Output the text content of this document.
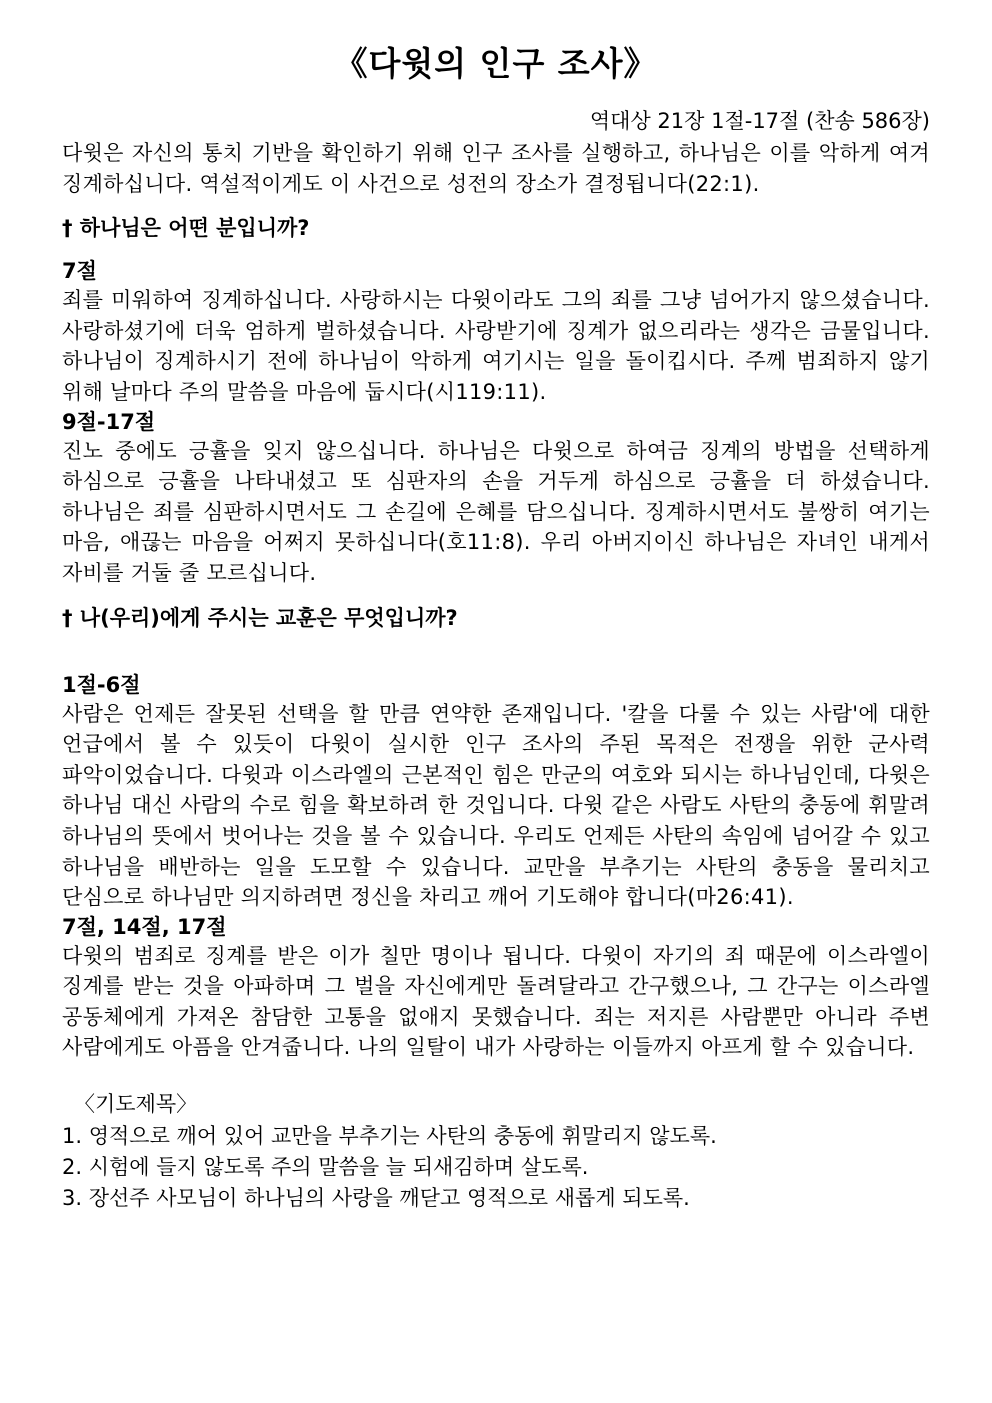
《다윗의 인구 조사》
역대상 21장 1절-17절 (찬송 586장)

다윗은 자신의 통치 기반을 확인하기 위해 인구 조사를 실행하고, 하나님은 이를 악하게 여겨 징계하십니다. 역설적이게도 이 사건으로 성전의 장소가 결정됩니다(22:1).

† 하나님은 어떤 분입니까?
7절

죄를 미워하여 징계하십니다. 사랑하시는 다윗이라도 그의 죄를 그냥 넘어가지 않으셨습니다. 사랑하셨기에 더욱 엄하게 벌하셨습니다. 사랑받기에 징계가 없으리라는 생각은 금물입니다. 하나님이 징계하시기 전에 하나님이 악하게 여기시는 일을 돌이킵시다. 주께 범죄하지 않기 위해 날마다 주의 말씀을 마음에 둡시다(시119:11).

9절-17절

진노 중에도 긍휼을 잊지 않으십니다. 하나님은 다윗으로 하여금 징계의 방법을 선택하게 하심으로 긍휼을 나타내셨고 또 심판자의 손을 거두게 하심으로 긍휼을 더 하셨습니다. 하나님은 죄를 심판하시면서도 그 손길에 은혜를 담으십니다. 징계하시면서도 불쌍히 여기는 마음, 애끊는 마음을 어쩌지 못하십니다(호11:8). 우리 아버지이신 하나님은 자녀인 내게서 자비를 거둘 줄 모르십니다.

† 나(우리)에게 주시는 교훈은 무엇입니까?
1절-6절

사람은 언제든 잘못된 선택을 할 만큼 연약한 존재입니다. '칼을 다룰 수 있는 사람'에 대한 언급에서 볼 수 있듯이 다윗이 실시한 인구 조사의 주된 목적은 전쟁을 위한 군사력 파악이었습니다. 다윗과 이스라엘의 근본적인 힘은 만군의 여호와 되시는 하나님인데, 다윗은 하나님 대신 사람의 수로 힘을 확보하려 한 것입니다. 다윗 같은 사람도 사탄의 충동에 휘말려 하나님의 뜻에서 벗어나는 것을 볼 수 있습니다. 우리도 언제든 사탄의 속임에 넘어갈 수 있고 하나님을 배반하는 일을 도모할 수 있습니다. 교만을 부추기는 사탄의 충동을 물리치고 단심으로 하나님만 의지하려면 정신을 차리고 깨어 기도해야 합니다(마26:41).

7절, 14절, 17절

다윗의 범죄로 징계를 받은 이가 칠만 명이나 됩니다. 다윗이 자기의 죄 때문에 이스라엘이 징계를 받는 것을 아파하며 그 벌을 자신에게만 돌려달라고 간구했으나, 그 간구는 이스라엘 공동체에게 가져온 참담한 고통을 없애지 못했습니다. 죄는 저지른 사람뿐만 아니라 주변 사람에게도 아픔을 안겨줍니다. 나의 일탈이 내가 사랑하는 이들까지 아프게 할 수 있습니다.

〈기도제목〉
1. 영적으로 깨어 있어 교만을 부추기는 사탄의 충동에 휘말리지 않도록.
2. 시험에 들지 않도록 주의 말씀을 늘 되새김하며 살도록.
3. 장선주 사모님이 하나님의 사랑을 깨닫고 영적으로 새롭게 되도록.
